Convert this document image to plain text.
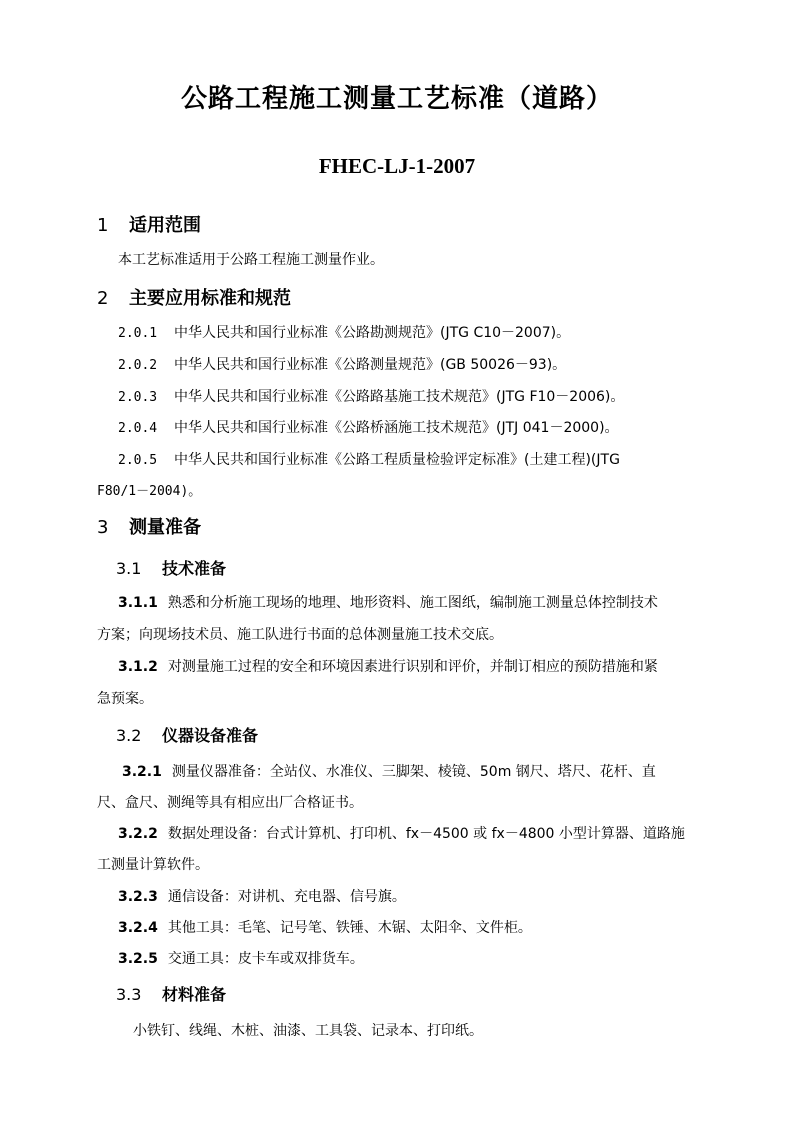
公路工程施工测量工艺标准（道路）
FHEC-LJ-1-2007
1 适用范围
本工艺标准适用于公路工程施工测量作业。
2 主要应用标准和规范
2.0.1 中华人民共和国行业标准《公路勘测规范》(JTG C10－2007)。
2.0.2 中华人民共和国行业标准《公路测量规范》(GB 50026－93)。
2.0.3 中华人民共和国行业标准《公路路基施工技术规范》(JTG F10－2006)。
2.0.4 中华人民共和国行业标准《公路桥涵施工技术规范》(JTJ 041－2000)。
2.0.5 中华人民共和国行业标准《公路工程质量检验评定标准》(土建工程)(JTG
F80/1－2004)。
3 测量准备
3.1 技术准备
3.1.1 熟悉和分析施工现场的地理、地形资料、施工图纸，编制施工测量总体控制技术
方案；向现场技术员、施工队进行书面的总体测量施工技术交底。
3.1.2 对测量施工过程的安全和环境因素进行识别和评价，并制订相应的预防措施和紧
急预案。
3.2 仪器设备准备
3.2.1 测量仪器准备：全站仪、水准仪、三脚架、棱镜、50m 钢尺、塔尺、花杆、直
尺、盒尺、测绳等具有相应出厂合格证书。
3.2.2 数据处理设备：台式计算机、打印机、fx－4500 或 fx－4800 小型计算器、道路施
工测量计算软件。
3.2.3 通信设备：对讲机、充电器、信号旗。
3.2.4 其他工具：毛笔、记号笔、铁锤、木锯、太阳伞、文件柜。
3.2.5 交通工具：皮卡车或双排货车。
3.3 材料准备
小铁钉、线绳、木桩、油漆、工具袋、记录本、打印纸。
